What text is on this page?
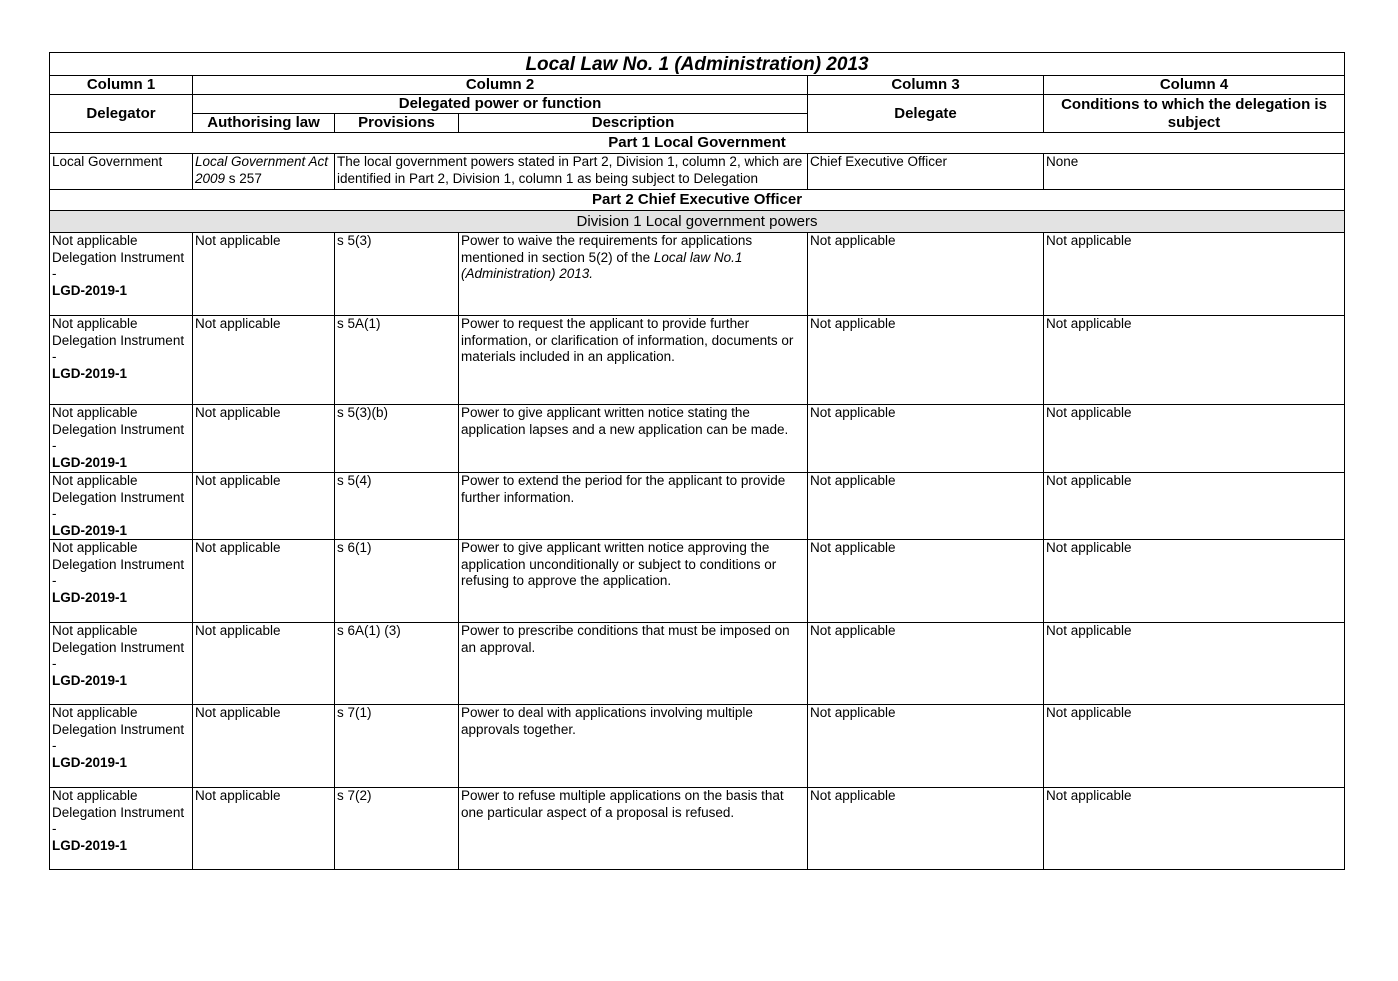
Local Law No. 1 (Administration) 2013					
Column 1	Column 2			Column 3	Column 4
Delegator	Delegated power or function			Delegate	Conditions to which the delegation is subject
	Authorising law	Provisions	Description		
Part 1 Local Government					
Local Government	Local Government Act 2009 s 257	The local government powers stated in Part 2, Division 1, column 2, which are identified in Part 2, Division 1, column 1 as being subject to Delegation		Chief Executive Officer	None
Part 2 Chief Executive Officer					
Division 1 Local government powers					

Not applicable
Delegation Instrument -
LGD-2019-1	Not applicable	s 5(3)	Power to waive the requirements for applications mentioned in section 5(2) of the Local law No.1 (Administration) 2013.	Not applicable	Not applicable

Not applicable
Delegation Instrument -
LGD-2019-1	Not applicable	s 5A(1)	Power to request the applicant to provide further information, or clarification of information, documents or materials included in an application.	Not applicable	Not applicable

Not applicable
Delegation Instrument -
LGD-2019-1	Not applicable	s 5(3)(b)	Power to give applicant written notice stating the application lapses and a new application can be made.	Not applicable	Not applicable

Not applicable
Delegation Instrument -
LGD-2019-1	Not applicable	s 5(4)	Power to extend the period for the applicant to provide further information.	Not applicable	Not applicable

Not applicable
Delegation Instrument -
LGD-2019-1	Not applicable	s 6(1)	Power to give applicant written notice approving the application unconditionally or subject to conditions or refusing to approve the application.	Not applicable	Not applicable

Not applicable
Delegation Instrument -
LGD-2019-1	Not applicable	s 6A(1) (3)	Power to prescribe conditions that must be imposed on an approval.	Not applicable	Not applicable

Not applicable
Delegation Instrument -
LGD-2019-1	Not applicable	s 7(1)	Power to deal with applications involving multiple approvals together.	Not applicable	Not applicable

Not applicable
Delegation Instrument -
LGD-2019-1	Not applicable	s 7(2)	Power to refuse multiple applications on the basis that one particular aspect of a proposal is refused.	Not applicable	Not applicable
